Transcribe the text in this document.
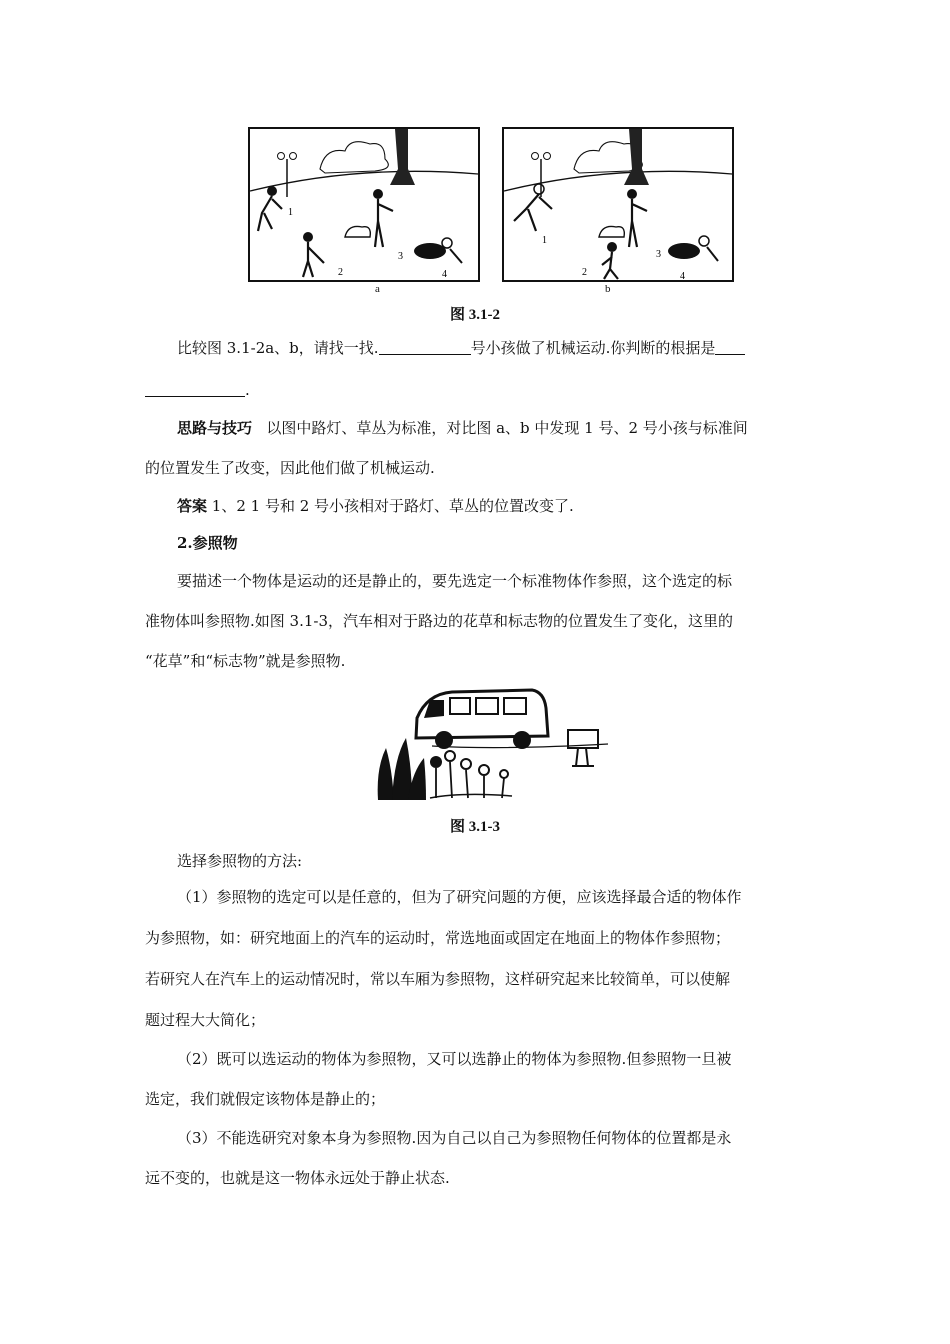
1
2
3
4
1
2
3
4
a	b
图 3.1-2
比较图 3.1-2a、b，请找一找.	号小孩做了机械运动.你判断的根据是
.
思路与技巧 以图中路灯、草丛为标准，对比图 a、b 中发现 1 号、2 号小孩与标准间
的位置发生了改变，因此他们做了机械运动.
答案 1、2 1 号和 2 号小孩相对于路灯、草丛的位置改变了.
2.参照物
要描述一个物体是运动的还是静止的，要先选定一个标准物体作参照，这个选定的标
准物体叫参照物.如图 3.1-3，汽车相对于路边的花草和标志物的位置发生了变化，这里的
“花草”和“标志物”就是参照物.
图 3.1-3
选择参照物的方法:
（1）参照物的选定可以是任意的，但为了研究问题的方便，应该选择最合适的物体作
为参照物，如：研究地面上的汽车的运动时，常选地面或固定在地面上的物体作参照物；
若研究人在汽车上的运动情况时，常以车厢为参照物，这样研究起来比较简单，可以使解
题过程大大简化；
（2）既可以选运动的物体为参照物，又可以选静止的物体为参照物.但参照物一旦被
选定，我们就假定该物体是静止的；
（3）不能选研究对象本身为参照物.因为自己以自己为参照物任何物体的位置都是永
远不变的，也就是这一物体永远处于静止状态.
